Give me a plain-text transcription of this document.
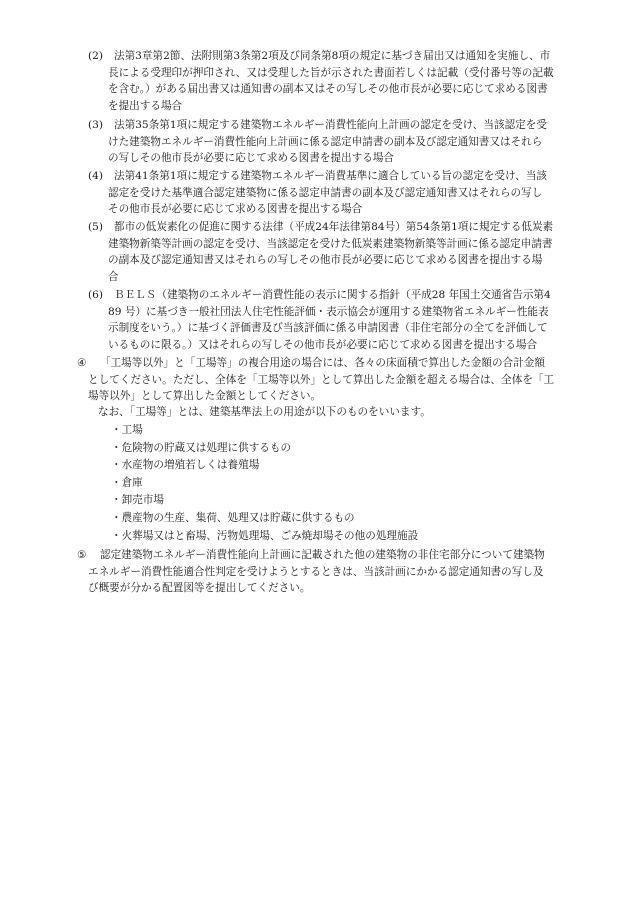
(2) 法第3章第2節、法附則第3条第2項及び同条第8項の規定に基づき届出又は通知を実施し、市

長による受理印が押印され、又は受理した旨が示された書面若しくは記載（受付番号等の記載

を含む。）がある届出書又は通知書の副本又はその写しその他市長が必要に応じて求める図書

を提出する場合

(3) 法第35条第1項に規定する建築物エネルギー消費性能向上計画の認定を受け、当該認定を受

けた建築物エネルギー消費性能向上計画に係る認定申請書の副本及び認定通知書又はそれら

の写しその他市長が必要に応じて求める図書を提出する場合

(4) 法第41条第1項に規定する建築物エネルギー消費基準に適合している旨の認定を受け、当該

認定を受けた基準適合認定建築物に係る認定申請書の副本及び認定通知書又はそれらの写し

その他市長が必要に応じて求める図書を提出する場合

(5) 都市の低炭素化の促進に関する法律（平成24年法律第84号）第54条第1項に規定する低炭素

建築物新築等計画の認定を受け、当該認定を受けた低炭素建築物新築等計画に係る認定申請書

の副本及び認定通知書又はそれらの写しその他市長が必要に応じて求める図書を提出する場

合

(6) ＢＥＬＳ（建築物のエネルギー消費性能の表示に関する指針（平成28 年国土交通省告示第4

89 号）に基づき一般社団法人住宅性能評価・表示協会が運用する建築物省エネルギー性能表

示制度をいう。）に基づく評価書及び当該評価に係る申請図書（非住宅部分の全てを評価して

いるものに限る。）又はそれらの写しその他市長が必要に応じて求める図書を提出する場合

④ 「工場等以外」と「工場等」の複合用途の場合には、各々の床面積で算出した金額の合計金額

としてください。ただし、全体を「工場等以外」として算出した金額を超える場合は、全体を「工

場等以外」として算出した金額としてください。

なお、「工場等」とは、建築基準法上の用途が以下のものをいいます。

・工場
・危険物の貯蔵又は処理に供するもの
・水産物の増殖若しくは養殖場
・倉庫
・卸売市場
・農産物の生産、集荷、処理又は貯蔵に供するもの
・火葬場又はと畜場、汚物処理場、ごみ焼却場その他の処理施設
⑤ 認定建築物エネルギー消費性能向上計画に記載された他の建築物の非住宅部分について建築物

エネルギー消費性能適合性判定を受けようとするときは、当該計画にかかる認定通知書の写し及

び概要が分かる配置図等を提出してください。
